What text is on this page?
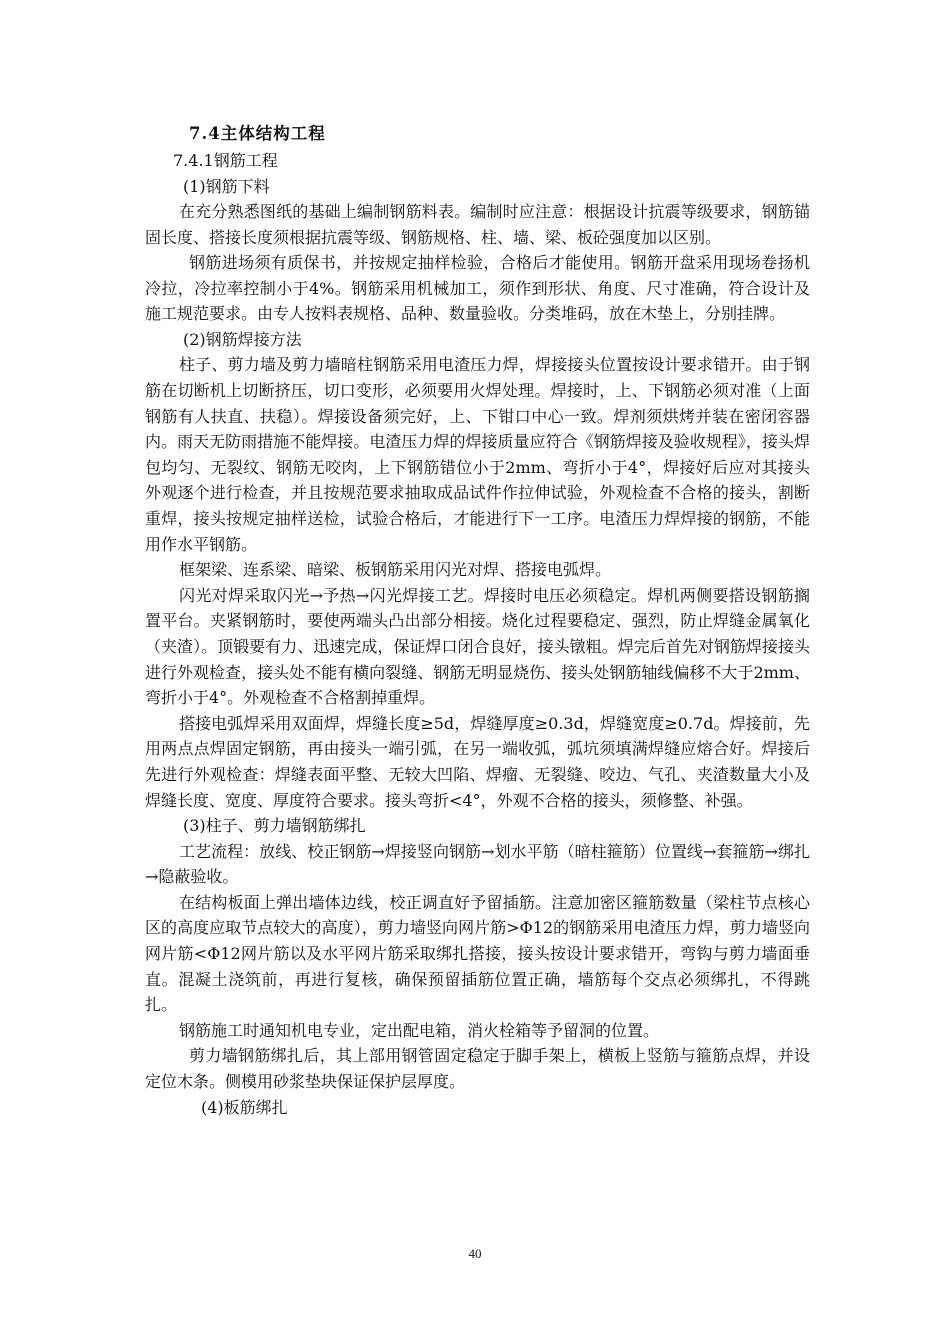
7.4主体结构工程
7.4.1钢筋工程
(1)钢筋下料

在充分熟悉图纸的基础上编制钢筋料表。编制时应注意：根据设计抗震等级要求，钢筋锚固长度、搭接长度须根据抗震等级、钢筋规格、柱、墙、梁、板砼强度加以区别。

钢筋进场须有质保书，并按规定抽样检验，合格后才能使用。钢筋开盘采用现场卷扬机冷拉，冷拉率控制小于4%。钢筋采用机械加工，须作到形状、角度、尺寸准确，符合设计及施工规范要求。由专人按料表规格、品种、数量验收。分类堆码，放在木垫上，分别挂牌。

(2)钢筋焊接方法

柱子、剪力墙及剪力墙暗柱钢筋采用电渣压力焊，焊接接头位置按设计要求错开。由于钢筋在切断机上切断挤压，切口变形，必须要用火焊处理。焊接时，上、下钢筋必须对准（上面钢筋有人扶直、扶稳）。焊接设备须完好，上、下钳口中心一致。焊剂须烘烤并装在密闭容器内。雨天无防雨措施不能焊接。电渣压力焊的焊接质量应符合《钢筋焊接及验收规程》，接头焊包均匀、无裂纹、钢筋无咬肉，上下钢筋错位小于2mm、弯折小于4°，焊接好后应对其接头外观逐个进行检查，并且按规范要求抽取成品试件作拉伸试验，外观检查不合格的接头，割断重焊，接头按规定抽样送检，试验合格后，才能进行下一工序。电渣压力焊焊接的钢筋，不能用作水平钢筋。

框架梁、连系梁、暗梁、板钢筋采用闪光对焊、搭接电弧焊。

闪光对焊采取闪光→予热→闪光焊接工艺。焊接时电压必须稳定。焊机两侧要搭设钢筋搁置平台。夹紧钢筋时，要使两端头凸出部分相接。烧化过程要稳定、强烈，防止焊缝金属氧化（夹渣）。顶锻要有力、迅速完成，保证焊口闭合良好，接头镦粗。焊完后首先对钢筋焊接接头进行外观检查，接头处不能有横向裂缝、钢筋无明显烧伤、接头处钢筋轴线偏移不大于2mm、弯折小于4°。外观检查不合格割掉重焊。

搭接电弧焊采用双面焊，焊缝长度≥5d，焊缝厚度≥0.3d，焊缝宽度≥0.7d。焊接前，先用两点点焊固定钢筋，再由接头一端引弧，在另一端收弧，弧坑须填满焊缝应熔合好。焊接后先进行外观检查：焊缝表面平整、无较大凹陷、焊瘤、无裂缝、咬边、气孔、夹渣数量大小及焊缝长度、宽度、厚度符合要求。接头弯折<4°，外观不合格的接头，须修整、补强。

(3)柱子、剪力墙钢筋绑扎

工艺流程：放线、校正钢筋→焊接竖向钢筋→划水平筋（暗柱箍筋）位置线→套箍筋→绑扎→隐蔽验收。

在结构板面上弹出墙体边线，校正调直好予留插筋。注意加密区箍筋数量（梁柱节点核心区的高度应取节点较大的高度），剪力墙竖向网片筋>Φ12的钢筋采用电渣压力焊，剪力墙竖向网片筋<Φ12网片筋以及水平网片筋采取绑扎搭接，接头按设计要求错开，弯钩与剪力墙面垂直。混凝土浇筑前，再进行复核，确保预留插筋位置正确，墙筋每个交点必须绑扎，不得跳扎。

钢筋施工时通知机电专业，定出配电箱，消火栓箱等予留洞的位置。

剪力墙钢筋绑扎后，其上部用钢管固定稳定于脚手架上，横板上竖筋与箍筋点焊，并设定位木条。侧模用砂浆垫块保证保护层厚度。

(4)板筋绑扎
40
